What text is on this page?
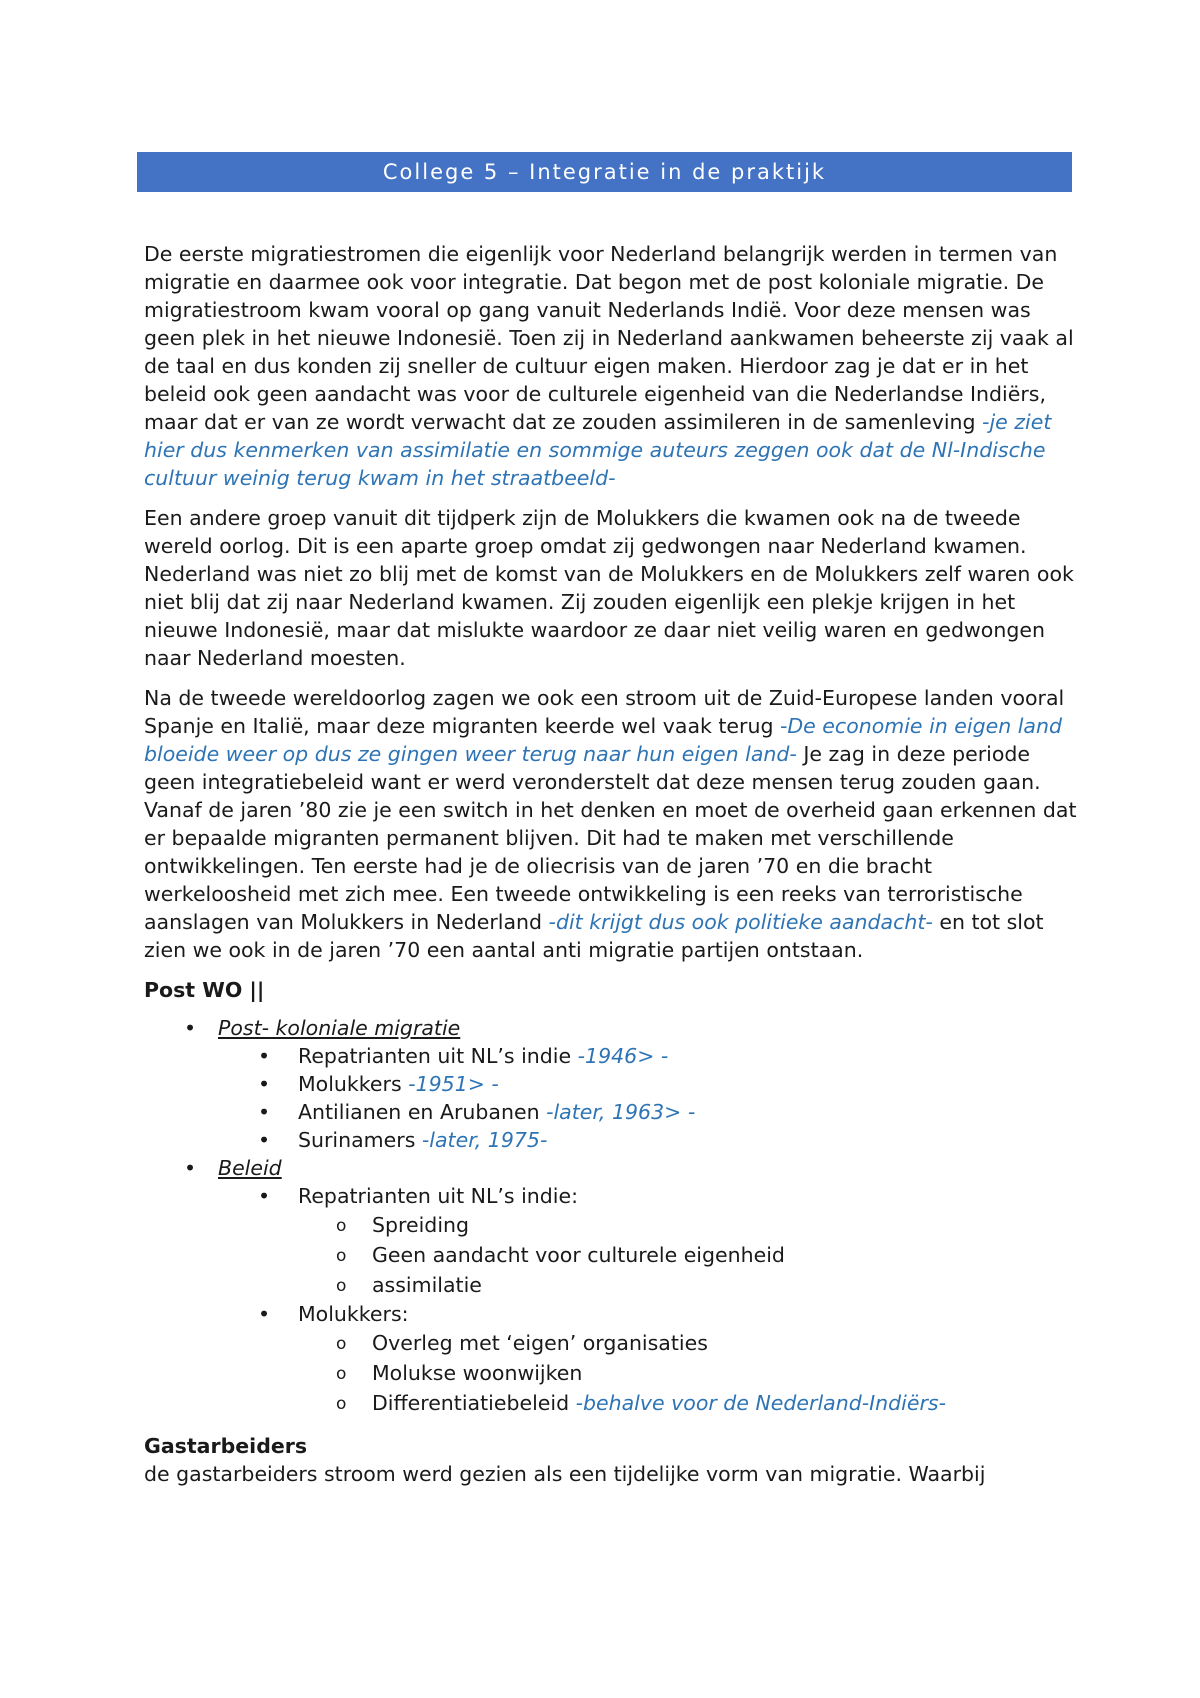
College 5 – Integratie in de praktijk

De eerste migratiestromen die eigenlijk voor Nederland belangrijk werden in termen van migratie en daarmee ook voor integratie. Dat begon met de post koloniale migratie. De migratiestroom kwam vooral op gang vanuit Nederlands Indië. Voor deze mensen was geen plek in het nieuwe Indonesië. Toen zij in Nederland aankwamen beheerste zij vaak al de taal en dus konden zij sneller de cultuur eigen maken. Hierdoor zag je dat er in het beleid ook geen aandacht was voor de culturele eigenheid van die Nederlandse Indiërs, maar dat er van ze wordt verwacht dat ze zouden assimileren in de samenleving -je ziet hier dus kenmerken van assimilatie en sommige auteurs zeggen ook dat de Nl-Indische cultuur weinig terug kwam in het straatbeeld-

Een andere groep vanuit dit tijdperk zijn de Molukkers die kwamen ook na de tweede wereld oorlog. Dit is een aparte groep omdat zij gedwongen naar Nederland kwamen. Nederland was niet zo blij met de komst van de Molukkers en de Molukkers zelf waren ook niet blij dat zij naar Nederland kwamen. Zij zouden eigenlijk een plekje krijgen in het nieuwe Indonesië, maar dat mislukte waardoor ze daar niet veilig waren en gedwongen naar Nederland moesten.

Na de tweede wereldoorlog zagen we ook een stroom uit de Zuid-Europese landen vooral Spanje en Italië, maar deze migranten keerde wel vaak terug -De economie in eigen land bloeide weer op dus ze gingen weer terug naar hun eigen land- Je zag in deze periode geen integratiebeleid want er werd veronderstelt dat deze mensen terug zouden gaan. Vanaf de jaren ’80 zie je een switch in het denken en moet de overheid gaan erkennen dat er bepaalde migranten permanent blijven. Dit had te maken met verschillende ontwikkelingen. Ten eerste had je de oliecrisis van de jaren ’70 en die bracht werkeloosheid met zich mee. Een tweede ontwikkeling is een reeks van terroristische aanslagen van Molukkers in Nederland -dit krijgt dus ook politieke aandacht- en tot slot zien we ook in de jaren ’70 een aantal anti migratie partijen ontstaan.

Post WO ||
• Post- koloniale migratie
• Repatrianten uit NL’s indie -1946> -
• Molukkers -1951> -
• Antilianen en Arubanen -later, 1963> -
• Surinamers -later, 1975-
• Beleid
• Repatrianten uit NL’s indie:
o Spreiding
o Geen aandacht voor culturele eigenheid
o assimilatie
• Molukkers:
o Overleg met ‘eigen’ organisaties
o Molukse woonwijken
o Differentiatiebeleid -behalve voor de Nederland-Indiërs-
Gastarbeiders

de gastarbeiders stroom werd gezien als een tijdelijke vorm van migratie. Waarbij
